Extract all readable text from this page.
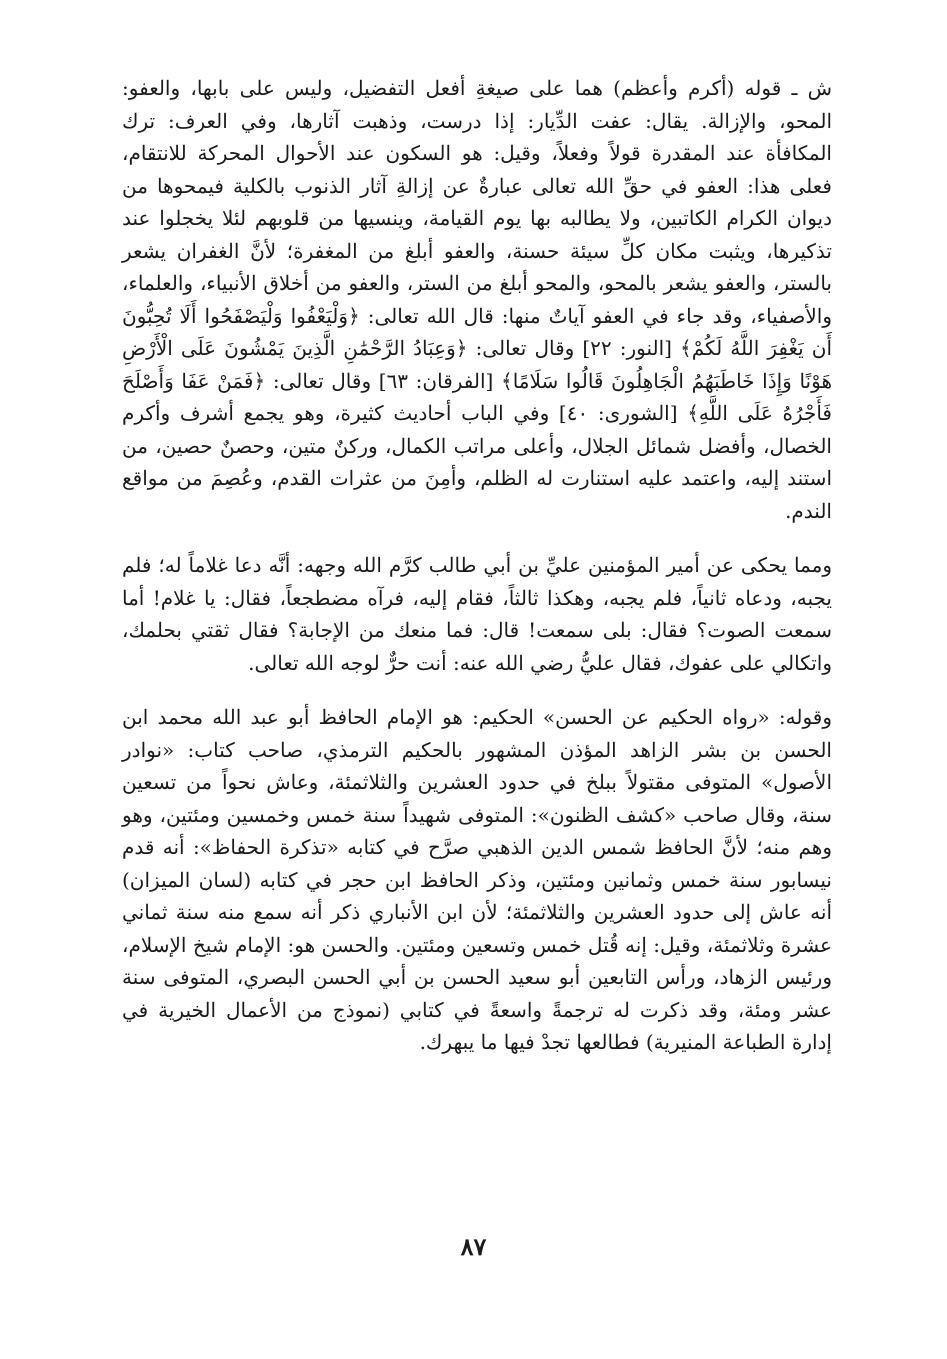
ش ـ قوله (أكرم وأعظم) هما على صيغةِ أفعل التفضيل، وليس على بابها، والعفو: المحو، والإزالة. يقال: عفت الدِّيار: إذا درست، وذهبت آثارها، وفي العرف: ترك المكافأة عند المقدرة قولاً وفعلاً، وقيل: هو السكون عند الأحوال المحركة للانتقام، فعلى هذا: العفو في حقِّ الله تعالى عبارةٌ عن إزالةِ آثار الذنوب بالكلية فيمحوها من ديوان الكرام الكاتبين، ولا يطالبه بها يوم القيامة، وينسيها من قلوبهم لئلا يخجلوا عند تذكيرها، ويثبت مكان كلِّ سيئة حسنة، والعفو أبلغ من المغفرة؛ لأنَّ الغفران يشعر بالستر، والعفو يشعر بالمحو، والمحو أبلغ من الستر، والعفو من أخلاق الأنبياء، والعلماء، والأصفياء، وقد جاء في العفو آياتٌ منها: قال الله تعالى: ﴿وَلْيَعْفُوا وَلْيَصْفَحُوا أَلَا تُحِبُّونَ أَن يَغْفِرَ اللَّهُ لَكُمْ﴾ [النور: ٢٢] وقال تعالى: ﴿وَعِبَادُ الرَّحْمَٰنِ الَّذِينَ يَمْشُونَ عَلَى الْأَرْضِ هَوْنًا وَإِذَا خَاطَبَهُمُ الْجَاهِلُونَ قَالُوا سَلَامًا﴾ [الفرقان: ٦٣] وقال تعالى: ﴿فَمَنْ عَفَا وَأَصْلَحَ فَأَجْرُهُ عَلَى اللَّهِ﴾ [الشورى: ٤٠] وفي الباب أحاديث كثيرة، وهو يجمع أشرف وأكرم الخصال، وأفضل شمائل الجلال، وأعلى مراتب الكمال، وركنٌ متين، وحصنٌ حصين، من استند إليه، واعتمد عليه استنارت له الظلم، وأمِنَ من عثرات القدم، وعُصِمَ من مواقع الندم.

ومما يحكى عن أمير المؤمنين عليِّ بن أبي طالب كرَّم الله وجهه: أنَّه دعا غلاماً له؛ فلم يجبه، ودعاه ثانياً، فلم يجبه، وهكذا ثالثاً، فقام إليه، فرآه مضطجعاً، فقال: يا غلام! أما سمعت الصوت؟ فقال: بلى سمعت! قال: فما منعك من الإجابة؟ فقال ثقتي بحلمك، واتكالي على عفوك، فقال عليُّ رضي الله عنه: أنت حرٌّ لوجه الله تعالى.

وقوله: «رواه الحكيم عن الحسن» الحكيم: هو الإمام الحافظ أبو عبد الله محمد ابن الحسن بن بشر الزاهد المؤذن المشهور بالحكيم الترمذي، صاحب كتاب: «نوادر الأصول» المتوفى مقتولاً ببلخ في حدود العشرين والثلاثمئة، وعاش نحواً من تسعين سنة، وقال صاحب «كشف الظنون»: المتوفى شهيداً سنة خمس وخمسين ومئتين، وهو وهم منه؛ لأنَّ الحافظ شمس الدين الذهبي صرَّح في كتابه «تذكرة الحفاظ»: أنه قدم نيسابور سنة خمس وثمانين ومئتين، وذكر الحافظ ابن حجر في كتابه (لسان الميزان) أنه عاش إلى حدود العشرين والثلاثمئة؛ لأن ابن الأنباري ذكر أنه سمع منه سنة ثماني عشرة وثلاثمئة، وقيل: إنه قُتل خمس وتسعين ومئتين. والحسن هو: الإمام شيخ الإسلام، ورئيس الزهاد، ورأس التابعين أبو سعيد الحسن بن أبي الحسن البصري، المتوفى سنة عشر ومئة، وقد ذكرت له ترجمةً واسعةً في كتابي (نموذج من الأعمال الخيرية في إدارة الطباعة المنيرية) فطالعها تجدْ فيها ما يبهرك.

٨٧
